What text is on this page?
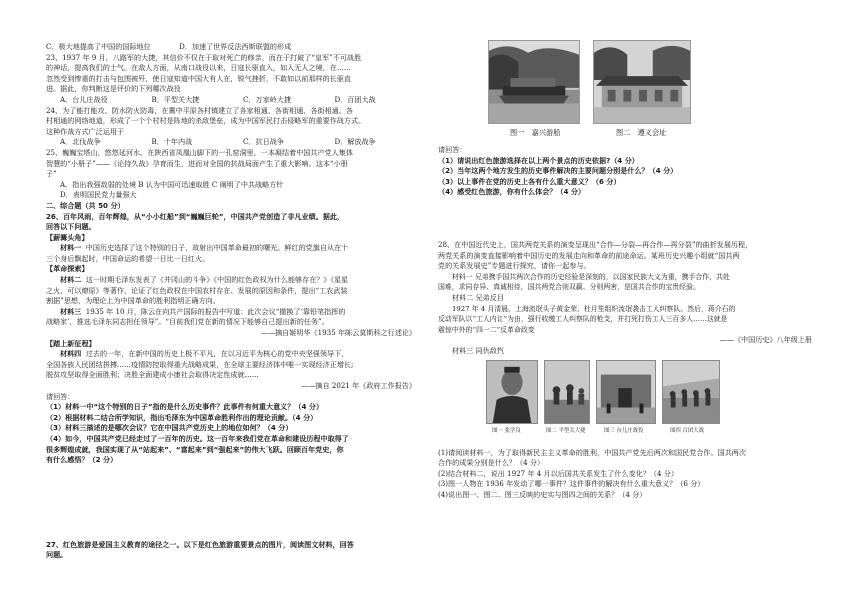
C．极大地提高了中国的国际地位　　　　D．加速了世界反法西斯联盟的形成

23、1937 年 9 月，八路军的大捷，其信价不仅在于取对死亡的修亲，而在于打破了“皇军”不可战胜

的神话，提高我们的士气。在敌人方面，从南口战役以来，日寇长驱直入，如入无人之境，在……

忽然受到惨重的打击与包围被歼，使日寇知道中国大有人在，锐气挫折，不敢如以前那样的长驱直

进。据此，你判断这是评价的下列哪次战役

A．台儿庄战役	B．平型关大捷	C．万家岭大捷	D．百团大战

24、为了能打能攻、防水防火防毒，在冀中平原各村镇建立了各家相通、各街相通、各街相通、各

村相通的网络地道，形成了一个个村村是阵地的杀敌堡垒，成为中国军民打击侵略军的重要作战方式。

这种作战方式广泛运用于

A．北伐战争	B．十年内战	C．抗日战争	D．解放战争

25、巍巍宝塔山，悠悠延河水。在陕西省凤凰山脚下的一孔窑洞里，一本凝结着中国共产党人集体

智慧的“小册子”——《论持久战》孕育而生，进而对全国的抗战局面产生了重大影响。这本“小册

子”

A．指出我强敌弱的处境 B 认为中国可迅速取胜 C 阐明了中共战略方针

D．表明国民党力量强大

二、综合题（共 50 分）

26、百年风雨，百年辉煌，从“小小红船”到“巍巍巨轮”，中国共产党创造了非凡业绩。据此，

回答以下问题。

【薪篝头角】

材料一 中国历史选择了这个特别的日子，故射出中国革命最初的曙光。鲜红的党旗自从在十

三个身后飘起时，中国命运的希望一日比一日红火。

【革命探索】

材料二 这一时期毛泽东发表了《井冈山的斗争》《中国的红色政权为什么能够存在？》《星星

之火，可以燎原》等著作，论证了红色政权在中国农村存在、发展的原因和条件，提出“工农武装

割据”思想，为理论上为中国革命的胜利指明正确方向。

材料三 1935 年 10 月，陈云在向共产国际的报告中写道：此次会议“撤换了‘靠铅笔指挥的

战略家’，推选毛泽东同志担任领导”。“目前我们党在新的情况下能够自己提出新的任务”。

——摘自姬明华《1935 年陈云莫斯科之行述论》

【踏上新征程】

材料四 过去的一年，在新中国的历史上极不平凡，在以习近平为核心的党中央坚强领导下，

全国各族人民团结拼搏……疫情防控取得重大战略成果，在全球主要经济体中唯一实现经济正增长;

脱贫攻坚取得全面胜利；决胜全面建成小康社会取得决定性成就……

——摘自 2021 年《政府工作报告》

请回答：

（1）材料一中“这个特别的日子”指的是什么历史事件？此事件有何重大意义？（4 分）

（2）根据材料二结合所学知识，指出毛泽东为中国革命胜利作出的理论贡献。（4 分）

（3）材料三描述的是哪次会议？它在中国共产党历史上的地位如何？（4 分）

（4）如今，中国共产党已经走过了一百年的历史。这一百年来我们党在革命和建设历程中取得了

很多辉煌成就，我国实现了从“站起来”、“富起来”到“强起来”的伟大飞跃。回顾百年党史，你

有什么感悟？（2 分）

27、红色旅游是爱国主义教育的途径之一。以下是红色旅游重要景点的图片，阅读图文材料，回答

问题。

图一　嘉兴游船	图二　遵义会址

请回答：

（1）请说出红色旅游选择在以上两个景点的历史依据?（4 分）

（2）当年这两个地方发生的历史事件解决的主要问题分别是什么？（4 分）

（3）以上事件在党的历史上各有什么重大意义？（6 分）

（4）感受红色旅游，你有什么体会？（4 分）

28、在中国近代史上，国共两党关系的演变呈现出“合作—分裂—再合作—再分裂”的曲折发展历程，

两党关系的演变直接影响着中国历史的发展走向和革命的前途命运。某班历史兴趣小组就“国共两

党的关系发展史”专题进行探究，请你一起参与。

材料一 兄弟携手国共两次合作的历史经验是深刻的，以国家民族大义为重，携手合作，共赴

国难，求同存异、真诚相待，国共两党合则双赢、分则两害，是国共合作的宝贵经验。

材料二 兄弟反目

1927 年 4 月清晨，上海流氓头子黄金荣、杜月笙组织流氓袭击工人纠察队。然后，蒋介石的

反动军队以“工人内讧”为由，强行收缴工人纠察队的枪支，并打死打伤工人三百多人……这就是

震惊中外的“四一二”反革命政变

——《中国历史》八年级上册

材料三 同仇敌忾

图一 张学良	图二 平型关大捷	图三 台儿庄战役	图四 百团大战

(1)请阅读材料一，为了取得新民主主义革命的胜利，中国共产党先后两次和国民党合作。国共两次

合作的成果分别是什么？（4 分）

(2)结合材料二，说出 1927 年 4 月以后国共关系发生了什么变化？（4 分）

(3)图一人物在 1936 年发动了哪一事件？这件事件的解决有什么重大意义？（6 分）

(4)说出图一、图二、图三反映的史实与图四之间的关系？（4 分）
